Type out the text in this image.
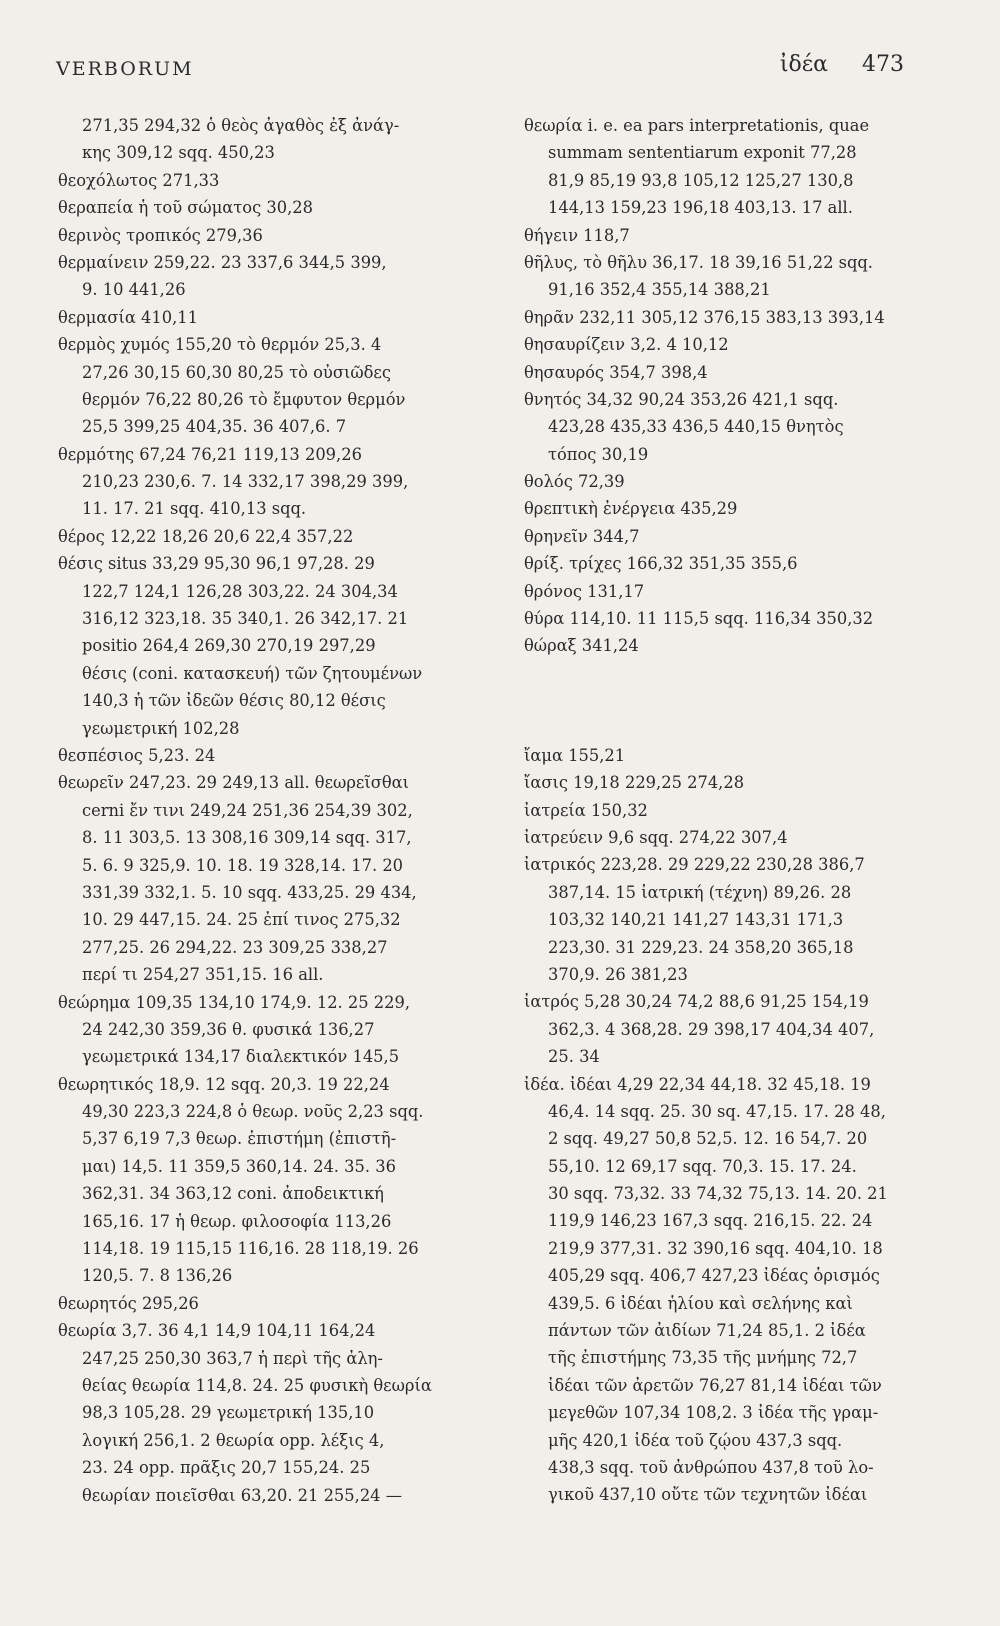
VERBORUM	ἰδέα 473
271,35 294,32 ὁ θεὸς ἀγαθὸς ἐξ ἀνάγ-
κης 309,12 sqq. 450,23
θεοχόλωτος 271,33
θεραπεία ἡ τοῦ σώματος 30,28
θερινὸς τροπικός 279,36
θερμαίνειν 259,22. 23 337,6 344,5 399,
9. 10 441,26
θερμασία 410,11
θερμὸς χυμός 155,20 τὸ θερμόν 25,3. 4
27,26 30,15 60,30 80,25 τὸ οὐσιῶδες
θερμόν 76,22 80,26 τὸ ἔμφυτον θερμόν
25,5 399,25 404,35. 36 407,6. 7
θερμότης 67,24 76,21 119,13 209,26
210,23 230,6. 7. 14 332,17 398,29 399,
11. 17. 21 sqq. 410,13 sqq.
θέρος 12,22 18,26 20,6 22,4 357,22
θέσις situs 33,29 95,30 96,1 97,28. 29
122,7 124,1 126,28 303,22. 24 304,34
316,12 323,18. 35 340,1. 26 342,17. 21
positio 264,4 269,30 270,19 297,29
θέσις (coni. κατασκευή) τῶν ζητουμένων
140,3 ἡ τῶν ἰδεῶν θέσις 80,12 θέσις
γεωμετρική 102,28
θεσπέσιος 5,23. 24
θεωρεῖν 247,23. 29 249,13 all. θεωρεῖσθαι
cerni ἔν τινι 249,24 251,36 254,39 302,
8. 11 303,5. 13 308,16 309,14 sqq. 317,
5. 6. 9 325,9. 10. 18. 19 328,14. 17. 20
331,39 332,1. 5. 10 sqq. 433,25. 29 434,
10. 29 447,15. 24. 25 ἐπί τινος 275,32
277,25. 26 294,22. 23 309,25 338,27
περί τι 254,27 351,15. 16 all.
θεώρημα 109,35 134,10 174,9. 12. 25 229,
24 242,30 359,36 θ. φυσικά 136,27
γεωμετρικά 134,17 διαλεκτικόν 145,5
θεωρητικός 18,9. 12 sqq. 20,3. 19 22,24
49,30 223,3 224,8 ὁ θεωρ. νοῦς 2,23 sqq.
5,37 6,19 7,3 θεωρ. ἐπιστήμη (ἐπιστῆ-
μαι) 14,5. 11 359,5 360,14. 24. 35. 36
362,31. 34 363,12 coni. ἀποδεικτική
165,16. 17 ἡ θεωρ. φιλοσοφία 113,26
114,18. 19 115,15 116,16. 28 118,19. 26
120,5. 7. 8 136,26
θεωρητός 295,26
θεωρία 3,7. 36 4,1 14,9 104,11 164,24
247,25 250,30 363,7 ἡ περὶ τῆς ἀλη-
θείας θεωρία 114,8. 24. 25 φυσικὴ θεωρία
98,3 105,28. 29 γεωμετρική 135,10
λογική 256,1. 2 θεωρία opp. λέξις 4,
23. 24 opp. πρᾶξις 20,7 155,24. 25
θεωρίαν ποιεῖσθαι 63,20. 21 255,24 —
θεωρία i. e. ea pars interpretationis, quae
summam sententiarum exponit 77,28
81,9 85,19 93,8 105,12 125,27 130,8
144,13 159,23 196,18 403,13. 17 all.
θήγειν 118,7
θῆλυς, τὸ θῆλυ 36,17. 18 39,16 51,22 sqq.
91,16 352,4 355,14 388,21
θηρᾶν 232,11 305,12 376,15 383,13 393,14
θησαυρίζειν 3,2. 4 10,12
θησαυρός 354,7 398,4
θνητός 34,32 90,24 353,26 421,1 sqq.
423,28 435,33 436,5 440,15 θνητὸς
τόπος 30,19
θολός 72,39
θρεπτικὴ ἐνέργεια 435,29
θρηνεῖν 344,7
θρίξ. τρίχες 166,32 351,35 355,6
θρόνος 131,17
θύρα 114,10. 11 115,5 sqq. 116,34 350,32
θώραξ 341,24
ἴαμα 155,21
ἴασις 19,18 229,25 274,28
ἰατρεία 150,32
ἰατρεύειν 9,6 sqq. 274,22 307,4
ἰατρικός 223,28. 29 229,22 230,28 386,7
387,14. 15 ἰατρική (τέχνη) 89,26. 28
103,32 140,21 141,27 143,31 171,3
223,30. 31 229,23. 24 358,20 365,18
370,9. 26 381,23
ἰατρός 5,28 30,24 74,2 88,6 91,25 154,19
362,3. 4 368,28. 29 398,17 404,34 407,
25. 34
ἰδέα. ἰδέαι 4,29 22,34 44,18. 32 45,18. 19
46,4. 14 sqq. 25. 30 sq. 47,15. 17. 28 48,
2 sqq. 49,27 50,8 52,5. 12. 16 54,7. 20
55,10. 12 69,17 sqq. 70,3. 15. 17. 24.
30 sqq. 73,32. 33 74,32 75,13. 14. 20. 21
119,9 146,23 167,3 sqq. 216,15. 22. 24
219,9 377,31. 32 390,16 sqq. 404,10. 18
405,29 sqq. 406,7 427,23 ἰδέας ὁρισμός
439,5. 6 ἰδέαι ἡλίου καὶ σελήνης καὶ
πάντων τῶν ἀιδίων 71,24 85,1. 2 ἰδέα
τῆς ἐπιστήμης 73,35 τῆς μνήμης 72,7
ἰδέαι τῶν ἀρετῶν 76,27 81,14 ἰδέαι τῶν
μεγεθῶν 107,34 108,2. 3 ἰδέα τῆς γραμ-
μῆς 420,1 ἰδέα τοῦ ζῴου 437,3 sqq.
438,3 sqq. τοῦ ἀνθρώπου 437,8 τοῦ λο-
γικοῦ 437,10 οὔτε τῶν τεχνητῶν ἰδέαι
